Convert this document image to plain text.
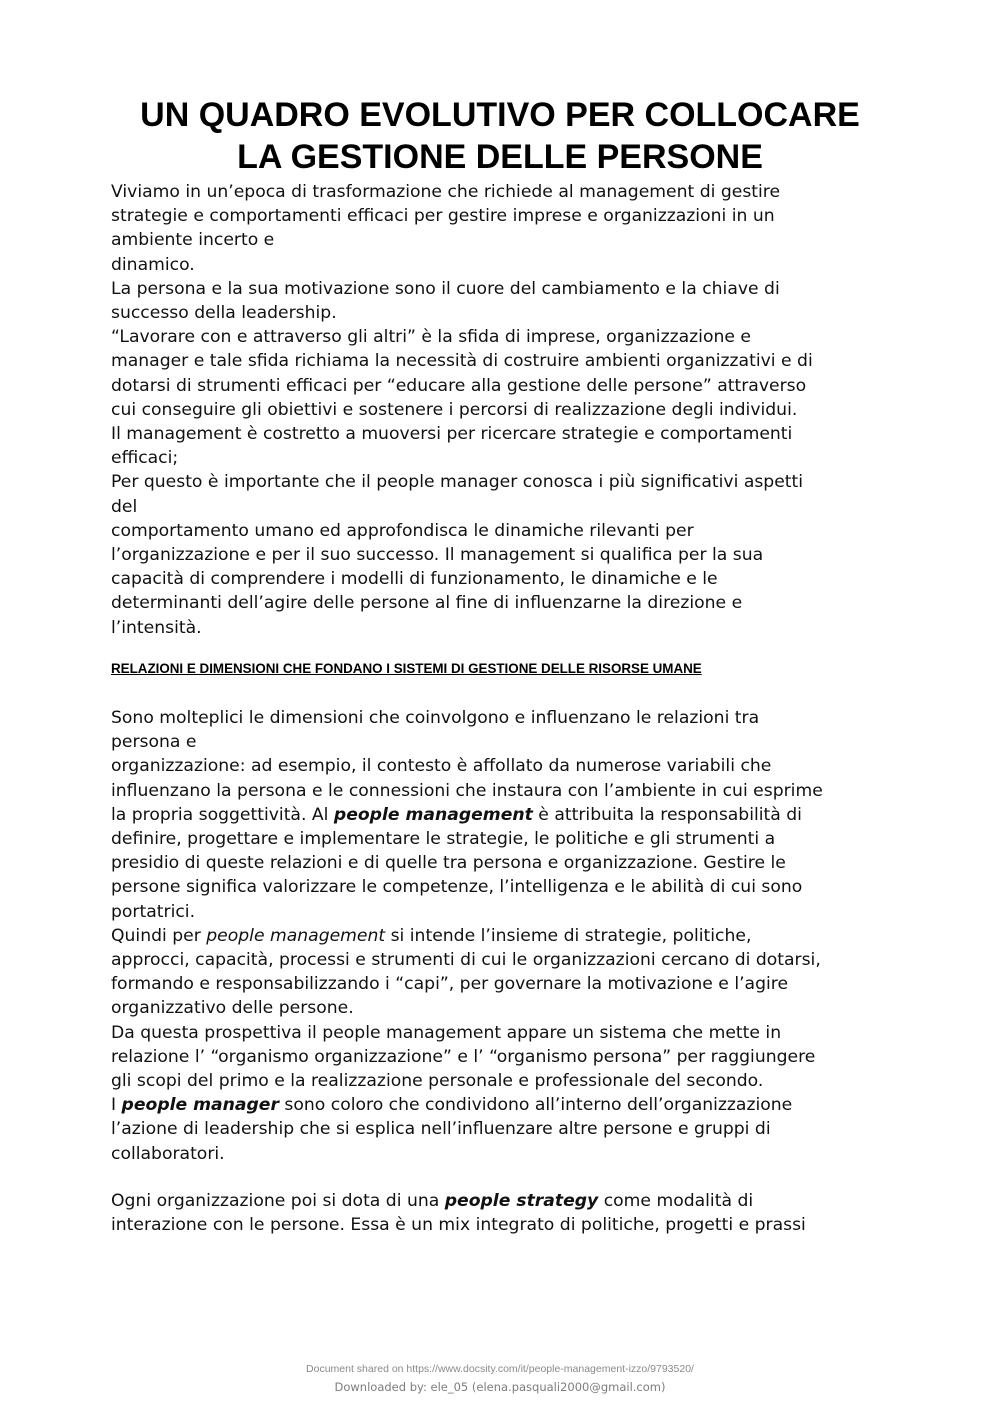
UN QUADRO EVOLUTIVO PER COLLOCARE
LA GESTIONE DELLE PERSONE
Viviamo in un’epoca di trasformazione che richiede al management di gestire
strategie e comportamenti efficaci per gestire imprese e organizzazioni in un
ambiente incerto e
dinamico.
La persona e la sua motivazione sono il cuore del cambiamento e la chiave di
successo della leadership.
“Lavorare con e attraverso gli altri” è la sfida di imprese, organizzazione e
manager e tale sfida richiama la necessità di costruire ambienti organizzativi e di
dotarsi di strumenti efficaci per “educare alla gestione delle persone” attraverso
cui conseguire gli obiettivi e sostenere i percorsi di realizzazione degli individui.
Il management è costretto a muoversi per ricercare strategie e comportamenti
efficaci;
Per questo è importante che il people manager conosca i più significativi aspetti
del
comportamento umano ed approfondisca le dinamiche rilevanti per
l’organizzazione e per il suo successo. Il management si qualifica per la sua
capacità di comprendere i modelli di funzionamento, le dinamiche e le
determinanti dell’agire delle persone al fine di influenzarne la direzione e
l’intensità.
RELAZIONI E DIMENSIONI CHE FONDANO I SISTEMI DI GESTIONE DELLE RISORSE UMANE
Sono molteplici le dimensioni che coinvolgono e influenzano le relazioni tra
persona e
organizzazione: ad esempio, il contesto è affollato da numerose variabili che
influenzano la persona e le connessioni che instaura con l’ambiente in cui esprime
la propria soggettività. Al people management è attribuita la responsabilità di
definire, progettare e implementare le strategie, le politiche e gli strumenti a
presidio di queste relazioni e di quelle tra persona e organizzazione. Gestire le
persone significa valorizzare le competenze, l’intelligenza e le abilità di cui sono
portatrici.
Quindi per people management si intende l’insieme di strategie, politiche,
approcci, capacità, processi e strumenti di cui le organizzazioni cercano di dotarsi,
formando e responsabilizzando i “capi”, per governare la motivazione e l’agire
organizzativo delle persone.
Da questa prospettiva il people management appare un sistema che mette in
relazione l’ “organismo organizzazione” e l’ “organismo persona” per raggiungere
gli scopi del primo e la realizzazione personale e professionale del secondo.
I people manager sono coloro che condividono all’interno dell’organizzazione
l’azione di leadership che si esplica nell’influenzare altre persone e gruppi di
collaboratori.
Ogni organizzazione poi si dota di una people strategy come modalità di
interazione con le persone. Essa è un mix integrato di politiche, progetti e prassi
Document shared on https://www.docsity.com/it/people-management-izzo/9793520/
Downloaded by: ele_05 (elena.pasquali2000@gmail.com)
